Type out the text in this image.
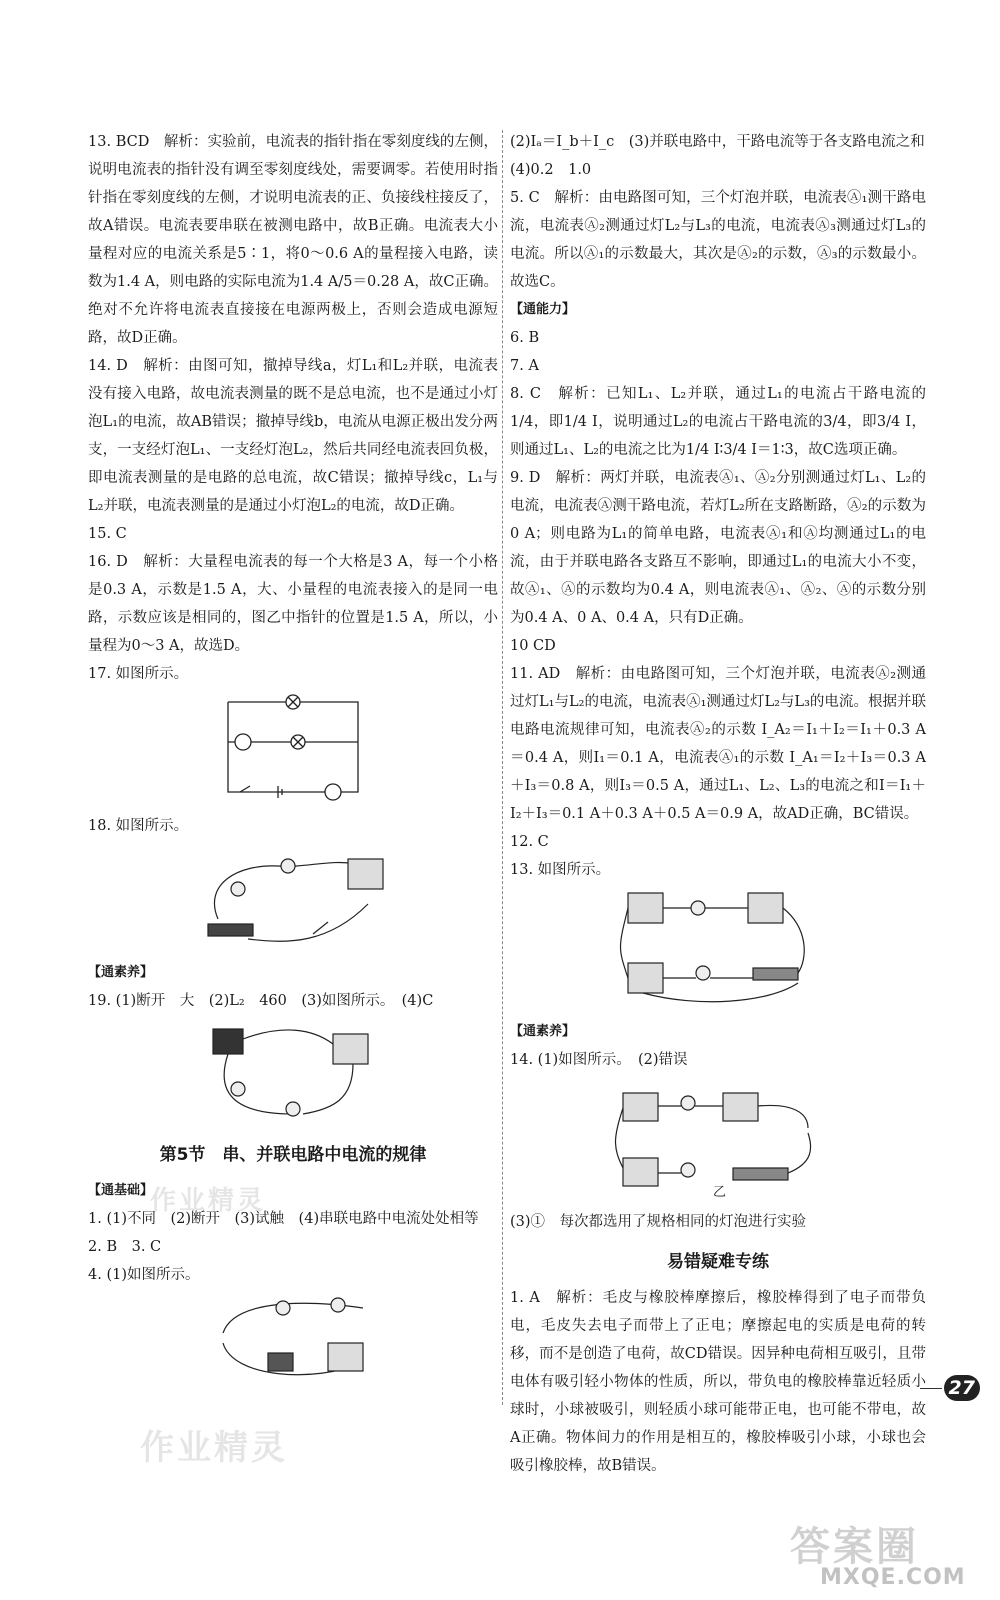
13. BCD　解析：实验前，电流表的指针指在零刻度线的左侧，说明电流表的指针没有调至零刻度线处，需要调零。若使用时指针指在零刻度线的左侧，才说明电流表的正、负接线柱接反了，故A错误。电流表要串联在被测电路中，故B正确。电流表大小量程对应的电流关系是5∶1，将0～0.6 A的量程接入电路，读数为1.4 A，则电路的实际电流为1.4 A/5＝0.28 A，故C正确。绝对不允许将电流表直接接在电源两极上，否则会造成电源短路，故D正确。

14. D　解析：由图可知，撤掉导线a，灯L₁和L₂并联，电流表没有接入电路，故电流表测量的既不是总电流，也不是通过小灯泡L₁的电流，故AB错误；撤掉导线b，电流从电源正极出发分两支，一支经灯泡L₁、一支经灯泡L₂，然后共同经电流表回负极，即电流表测量的是电路的总电流，故C错误；撤掉导线c，L₁与L₂并联，电流表测量的是通过小灯泡L₂的电流，故D正确。

15. C

16. D　解析：大量程电流表的每一个大格是3 A，每一个小格是0.3 A，示数是1.5 A，大、小量程的电流表接入的是同一电路，示数应该是相同的，图乙中指针的位置是1.5 A，所以，小量程为0～3 A，故选D。

17. 如图所示。

18. 如图所示。

【通素养】

19. (1)断开　大　(2)L₂　460　(3)如图所示。　(4)C

第5节　串、并联电路中电流的规律

【通基础】

1. (1)不同　(2)断开　(3)试触　(4)串联电路中电流处处相等

2. B　3. C

4. (1)如图所示。

(2)Iₐ＝I_b＋I_c　(3)并联电路中，干路电流等于各支路电流之和

(4)0.2　1.0

5. C　解析：由电路图可知，三个灯泡并联，电流表Ⓐ₁测干路电流，电流表Ⓐ₂测通过灯L₂与L₃的电流，电流表Ⓐ₃测通过灯L₃的电流。所以Ⓐ₁的示数最大，其次是Ⓐ₂的示数，Ⓐ₃的示数最小。故选C。

【通能力】

6. B

7. A

8. C　解析：已知L₁、L₂并联，通过L₁的电流占干路电流的1/4，即1/4 I，说明通过L₂的电流占干路电流的3/4，即3/4 I，则通过L₁、L₂的电流之比为1/4 I∶3/4 I＝1∶3，故C选项正确。

9. D　解析：两灯并联，电流表Ⓐ₁、Ⓐ₂分别测通过灯L₁、L₂的电流，电流表Ⓐ测干路电流，若灯L₂所在支路断路，Ⓐ₂的示数为0 A；则电路为L₁的简单电路，电流表Ⓐ₁和Ⓐ均测通过L₁的电流，由于并联电路各支路互不影响，即通过L₁的电流大小不变，故Ⓐ₁、Ⓐ的示数均为0.4 A，则电流表Ⓐ₁、Ⓐ₂、Ⓐ的示数分别为0.4 A、0 A、0.4 A，只有D正确。

10 CD

11. AD　解析：由电路图可知，三个灯泡并联，电流表Ⓐ₂测通过灯L₁与L₂的电流，电流表Ⓐ₁测通过灯L₂与L₃的电流。根据并联电路电流规律可知，电流表Ⓐ₂的示数 I_A₂＝I₁＋I₂＝I₁＋0.3 A＝0.4 A，则I₁＝0.1 A，电流表Ⓐ₁的示数 I_A₁＝I₂＋I₃＝0.3 A＋I₃＝0.8 A，则I₃＝0.5 A，通过L₁、L₂、L₃的电流之和I＝I₁＋I₂＋I₃＝0.1 A＋0.3 A＋0.5 A＝0.9 A，故AD正确，BC错误。

12. C

13. 如图所示。

【通素养】

14. (1)如图所示。　(2)错误

乙

(3)①　每次都选用了规格相同的灯泡进行实验

易错疑难专练

1. A　解析：毛皮与橡胶棒摩擦后，橡胶棒得到了电子而带负电，毛皮失去电子而带上了正电；摩擦起电的实质是电荷的转移，而不是创造了电荷，故CD错误。因异种电荷相互吸引，且带电体有吸引轻小物体的性质，所以，带负电的橡胶棒靠近轻质小球时，小球被吸引，则轻质小球可能带正电，也可能不带电，故A正确。物体间力的作用是相互的，橡胶棒吸引小球，小球也会吸引橡胶棒，故B错误。

27
作业精灵
作业精灵
答案圈
MXQE.COM
